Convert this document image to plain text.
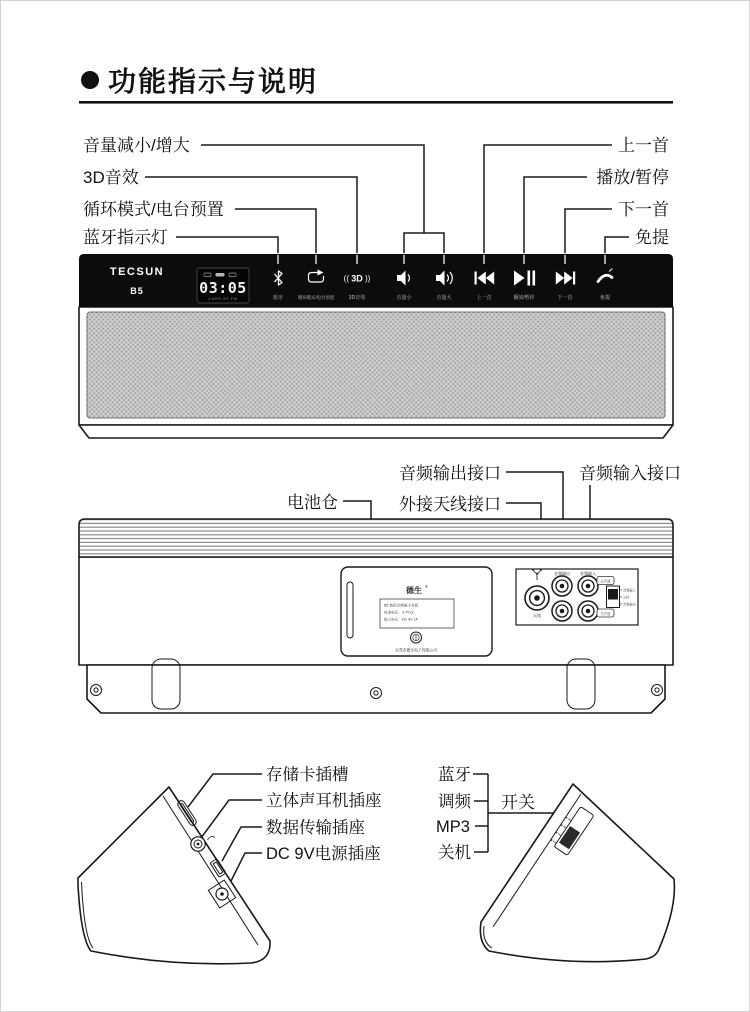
功能指示与说明
音量减小/增大
3D音效
循环模式/电台预置
蓝牙指示灯
上一首
播放/暂停
下一首
免提
TECSUN
B5	03:05
CARD BT FM	蓝牙
1
循环模式/电台预置
(( 3D ))
3D音效	音量小	音量大	上一首	播放/暂停	下一首	免提
电池仓
音频输出接口
外接天线接口
音频输入接口
德生 ®
B5 数码音频插卡音箱
电池电压：3.7V×2
输入电压：DC 9V 1A
东莞市德生电子有限公司
天线
音频输出	音频输入
左声道
右声道
音频输入
立体
音频输出
存储卡插槽
立体声耳机插座
数据传输插座
DC 9V电源插座
蓝牙
调频
MP3
关机
开关
